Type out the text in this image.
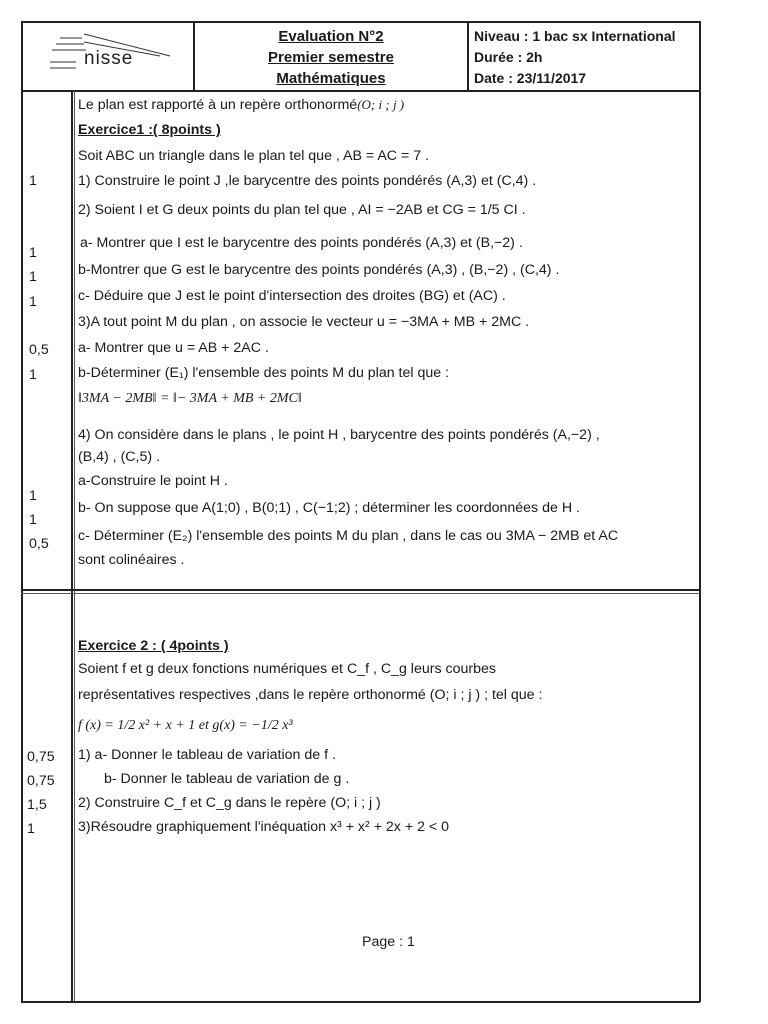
nisse
Evaluation N°2
Premier semestre
Mathématiques
Niveau : 1 bac sx International
Durée : 2h
Date : 23/11/2017
Le plan est rapporté à un repère orthonormé(O; i ; j )
Exercice1 :( 8points )
Soit ABC un triangle dans le plan tel que , AB = AC = 7 .
1) Construire le point J ,le barycentre des points pondérés (A,3) et (C,4) .
2) Soient I et G deux points du plan tel que , AI = −2AB et CG = 1/5 CI .
a- Montrer que I est le barycentre des points pondérés (A,3) et (B,−2) .
b-Montrer que G est le barycentre des points pondérés (A,3) , (B,−2) , (C,4) .
c- Déduire que J est le point d'intersection des droites (BG) et (AC) .
3)A tout point M du plan , on associe le vecteur u = −3MA + MB + 2MC .
a- Montrer que u = AB + 2AC .
b-Déterminer (E₁) l'ensemble des points M du plan tel que :
‖3MA − 2MB‖ = ‖− 3MA + MB + 2MC‖
4) On considère dans le plans , le point H , barycentre des points pondérés (A,−2) ,
(B,4) , (C,5) .
a-Construire le point H .
b- On suppose que A(1;0) , B(0;1) , C(−1;2) ; déterminer les coordonnées de H .
c- Déterminer (E₂) l'ensemble des points M du plan , dans le cas ou 3MA − 2MB et AC
sont colinéaires .
1
1
1
1
0,5
1
1
1
0,5
Exercice 2 : ( 4points )
Soient f et g deux fonctions numériques et C_f , C_g leurs courbes
représentatives respectives ,dans le repère orthonormé (O; i ; j ) ; tel que :
f (x) = 1/2 x² + x + 1 et g(x) = −1/2 x³
1) a- Donner le tableau de variation de f .
b- Donner le tableau de variation de g .
2) Construire C_f et C_g dans le repère (O; i ; j )
3)Résoudre graphiquement l'inéquation x³ + x² + 2x + 2 < 0
0,75
0,75
1,5
1
Page : 1
